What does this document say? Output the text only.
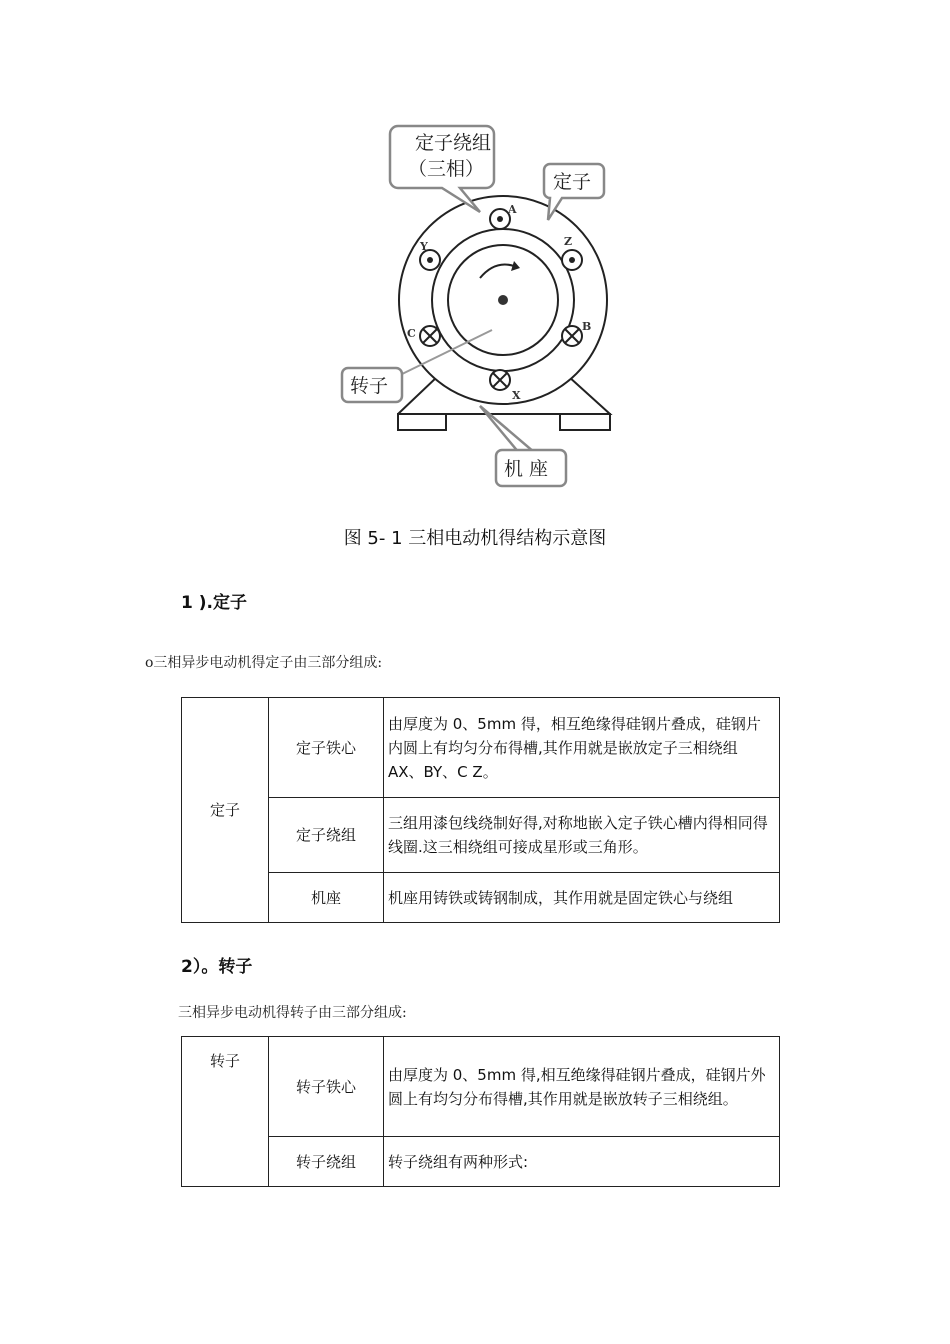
A
Y	Z
C
B
X
定子绕组
（三相）
定子
转子
机 座
图 5- 1 三相电动机得结构示意图
1 ).定子
ο三相异步电动机得定子由三部分组成:
定子	定子铁心	由厚度为 0、5mm 得，相互绝缘得硅钢片叠成，硅钢片内圆上有均匀分布得槽,其作用就是嵌放定子三相绕组 AX、BY、C Z。
	定子绕组	三组用漆包线绕制好得,对称地嵌入定子铁心槽内得相同得线圈.这三相绕组可接成星形或三角形。
	机座	机座用铸铁或铸钢制成，其作用就是固定铁心与绕组
2）。转子
三相异步电动机得转子由三部分组成:
转子	转子铁心	由厚度为 0、5mm 得,相互绝缘得硅钢片叠成，硅钢片外圆上有均匀分布得槽,其作用就是嵌放转子三相绕组。
	转子绕组	转子绕组有两种形式:
